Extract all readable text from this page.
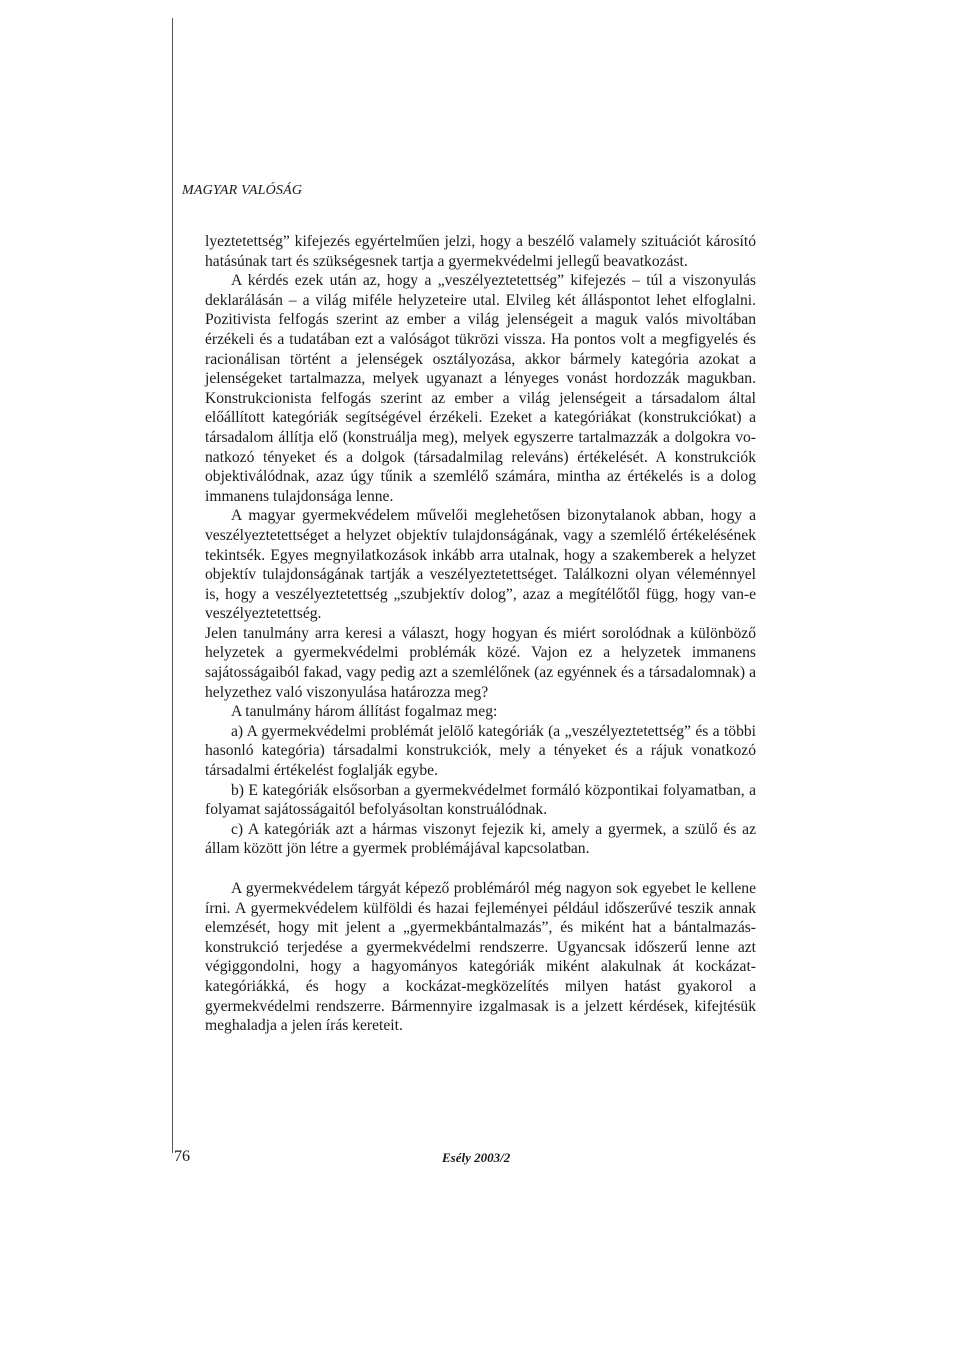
MAGYAR VALÓSÁG

lyeztetettség” kifejezés egyértelműen jelzi, hogy a beszélő valamely szituációt károsító hatásúnak tart és szükségesnek tartja a gyermekvédelmi jellegű beavatkozást.

A kérdés ezek után az, hogy a „veszélyeztetettség” kifejezés – túl a viszonyulás deklarálásán – a világ miféle helyzeteire utal. Elvileg két álláspontot lehet elfoglalni. Pozitivista felfogás szerint az ember a világ jelenségeit a maguk valós mivoltában érzékeli és a tudatában ezt a valóságot tükrözi vissza. Ha pontos volt a megfigyelés és racionálisan történt a jelenségek osztályozása, akkor bármely kategória azokat a jelenségeket tartalmazza, melyek ugyanazt a lényeges vonást hordozzák magukban. Konstrukcionista felfogás szerint az ember a világ jelenségeit a társadalom által előállított kategóriák segítségével érzékeli. Ezeket a kategóriákat (konstrukciókat) a társadalom állítja elő (konstruálja meg), melyek egyszerre tartalmazzák a dolgokra vonatkozó tényeket és a dolgok (társadalmilag releváns) értékelését. A konstrukciók objektiválódnak, azaz úgy tűnik a szemlélő számára, mintha az értékelés is a dolog immanens tulajdonsága lenne.

A magyar gyermekvédelem művelői meglehetősen bizonytalanok abban, hogy a veszélyeztetettséget a helyzet objektív tulajdonságának, vagy a szemlélő értékelésének tekintsék. Egyes megnyilatkozások inkább arra utalnak, hogy a szakemberek a helyzet objektív tulajdonságának tartják a veszélyeztetettséget. Találkozni olyan véleménnyel is, hogy a veszélyeztetettség „szubjektív dolog”, azaz a megítélőtől függ, hogy van-e veszélyeztetettség.

Jelen tanulmány arra keresi a választ, hogy hogyan és miért sorolódnak a különböző helyzetek a gyermekvédelmi problémák közé. Vajon ez a helyzetek immanens sajátosságaiból fakad, vagy pedig azt a szemlélőnek (az egyénnek és a társadalomnak) a helyzethez való viszonyulása határozza meg?

A tanulmány három állítást fogalmaz meg:

a) A gyermekvédelmi problémát jelölő kategóriák (a „veszélyeztetettség” és a többi hasonló kategória) társadalmi konstrukciók, mely a tényeket és a rájuk vonatkozó társadalmi értékelést foglalják egybe.

b) E kategóriák elsősorban a gyermekvédelmet formáló központikai folyamatban, a folyamat sajátosságaitól befolyásoltan konstruálódnak.

c) A kategóriák azt a hármas viszonyt fejezik ki, amely a gyermek, a szülő és az állam között jön létre a gyermek problémájával kapcsolatban.

A gyermekvédelem tárgyát képező problémáról még nagyon sok egyebet le kellene írni. A gyermekvédelem külföldi és hazai fejleményei például időszerűvé teszik annak elemzését, hogy mit jelent a „gyermekbántalmazás”, és miként hat a bántalmazás-konstrukció terjedése a gyermekvédelmi rendszerre. Ugyancsak időszerű lenne azt végiggondolni, hogy a hagyományos kategóriák miként alakulnak át kockázat-kategóriákká, és hogy a kockázat-megközelítés milyen hatást gyakorol a gyermekvédelmi rendszerre. Bármennyire izgalmasak is a jelzett kérdések, kifejtésük meghaladja a jelen írás kereteit.

76	Esély 2003/2
